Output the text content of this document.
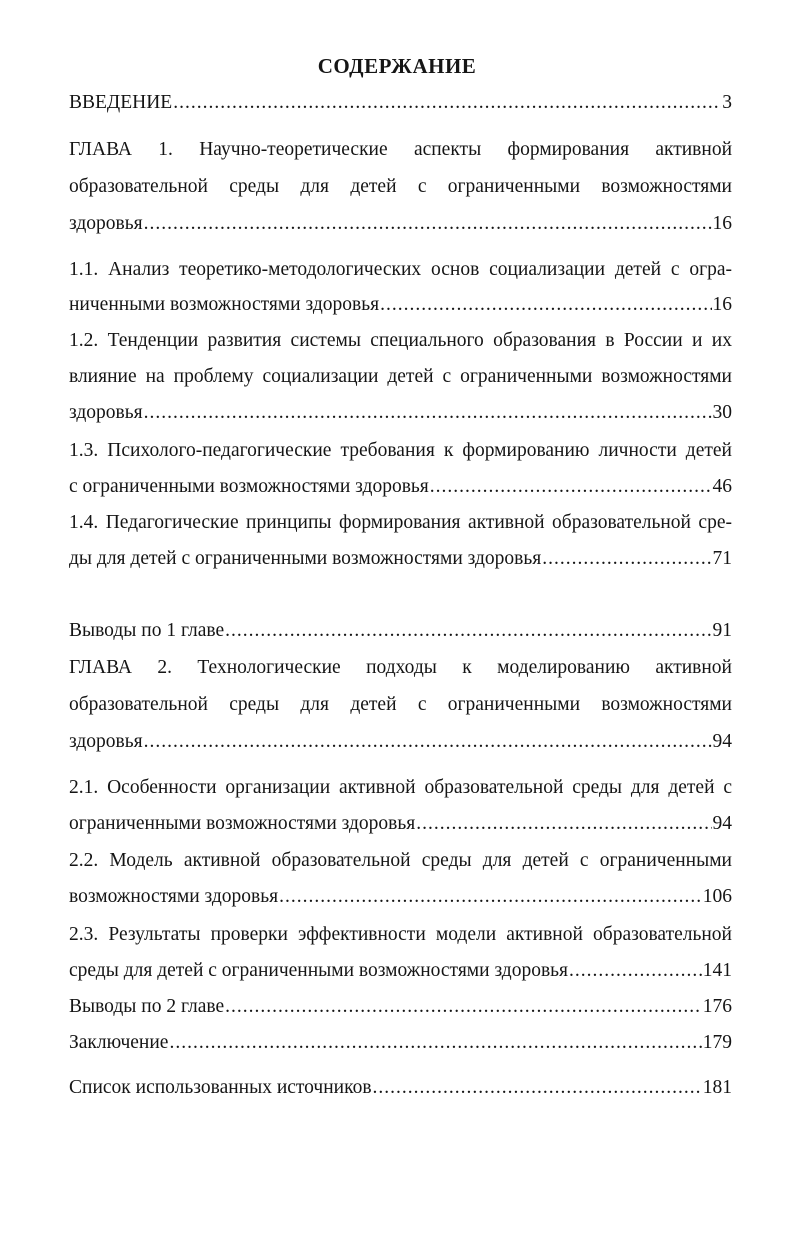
СОДЕРЖАНИЕ
ВВЕДЕНИЕ .....	3
ГЛАВА 1. Научно-теоретические аспекты формирования активной
образовательной среды для детей с ограниченными возможностями
здоровья .....	16
1.1. Анализ теоретико-методологических основ социализации детей с огра-
ниченными возможностями здоровья .....	16
1.2. Тенденции развития системы специального образования в России и их
влияние на проблему социализации детей с ограниченными возможностями
здоровья .....	30
1.3. Психолого-педагогические требования к формированию личности детей
с ограниченными возможностями здоровья .....	46
1.4. Педагогические принципы формирования активной образовательной сре-
ды для детей с ограниченными возможностями здоровья .....	71
Выводы по 1 главе .....	91
ГЛАВА 2. Технологические подходы к моделированию активной
образовательной среды для детей с ограниченными возможностями
здоровья .....	94
2.1. Особенности организации активной образовательной среды для детей с
ограниченными возможностями здоровья .....	94
2.2. Модель активной образовательной среды для детей с ограниченными
возможностями здоровья .....	106
2.3. Результаты проверки эффективности модели активной образовательной
среды для детей с ограниченными возможностями здоровья .....	141
Выводы по 2 главе .....	176
Заключение .....	179
Список использованных источников .....	181
